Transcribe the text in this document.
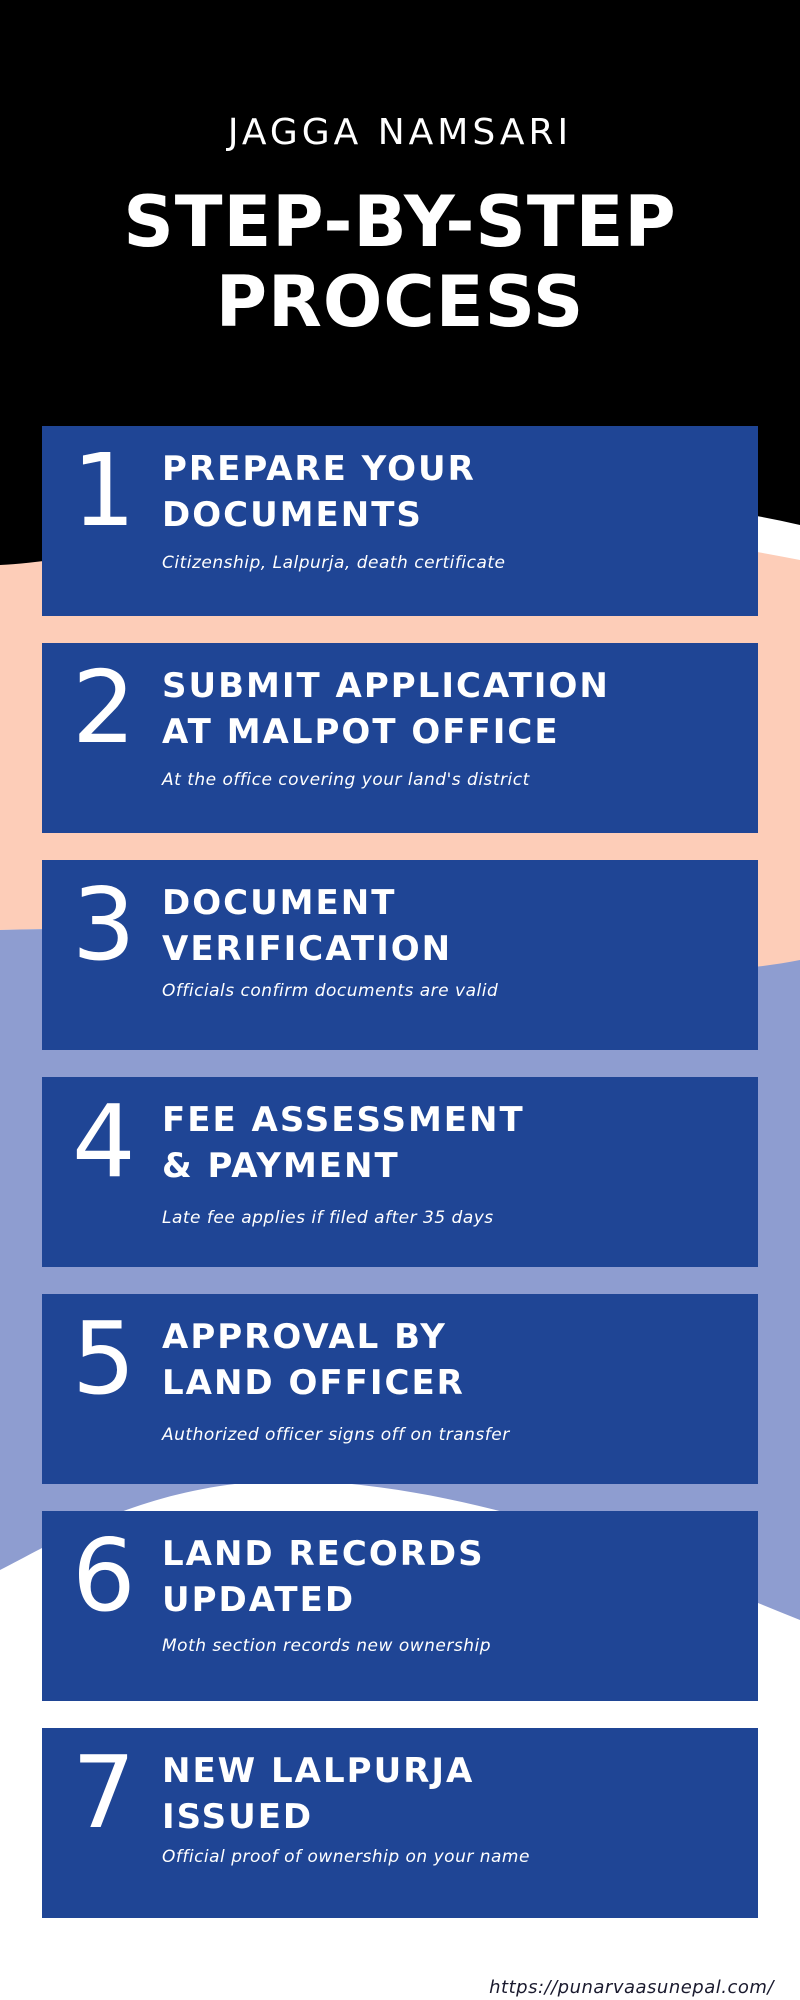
JAGGA NAMSARI
STEP-BY-STEP
PROCESS
1 PREPARE YOUR
DOCUMENTS
Citizenship, Lalpurja, death certificate
2 SUBMIT APPLICATION
AT MALPOT OFFICE
At the office covering your land's district
3 DOCUMENT
VERIFICATION
Officials confirm documents are valid
4 FEE ASSESSMENT
& PAYMENT
Late fee applies if filed after 35 days
5 APPROVAL BY
LAND OFFICER
Authorized officer signs off on transfer
6 LAND RECORDS
UPDATED
Moth section records new ownership
7 NEW LALPURJA
ISSUED
Official proof of ownership on your name
https://punarvaasunepal.com/
